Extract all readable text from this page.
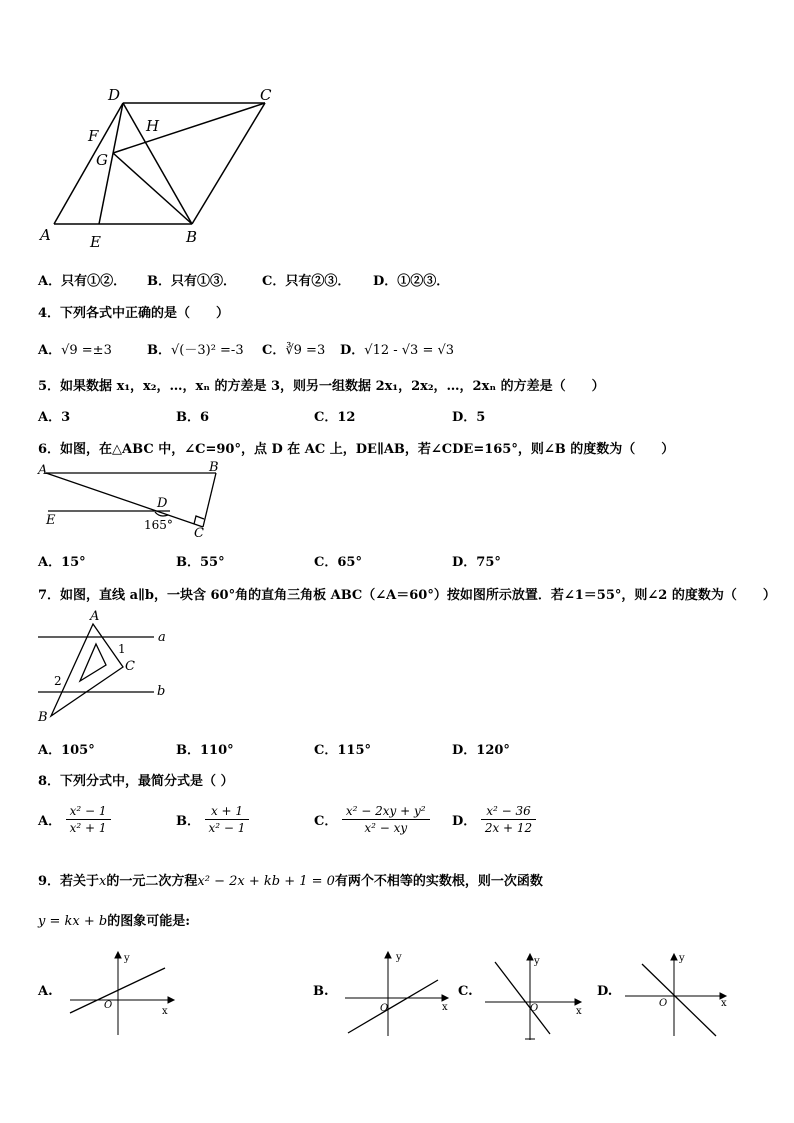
D	C
F
H
G
A	E	B
A．只有①②． B．只有①③． C．只有②③． D．①②③．
4．下列各式中正确的是（　　）
A．√9 =±3	B．√(－3)² =-3 C．∛9 =3 D．√12 - √3 = √3
5．如果数据 x₁，x₂，…，xₙ 的方差是 3，则另一组数据 2x₁，2x₂，…，2xₙ 的方差是（　　）
A．3	B．6	C．12	D．5
6．如图，在△ABC 中，∠C=90°，点 D 在 AC 上，DE∥AB，若∠CDE=165°，则∠B 的度数为（　　）
A	B
D
E	165°
C
A．15°	B．55°	C．65°	D．75°
7．如图，直线 a∥b，一块含 60°角的直角三角板 ABC（∠A＝60°）按如图所示放置．若∠1＝55°，则∠2 的度数为（　　）
A
a
1
C
2
b
B
A．105°	B．110°	C．115°	D．120°
8．下列分式中，最简分式是（ ）
A． $\frac{\text{x² − 1}}{\text{x² + 1}}$	B． $\frac{x + 1}{\text{x² − 1}}$	C． $\frac{\text{x² − 2xy + y²}}{\text{x² − xy}}$ D． $\frac{\text{x² − 36}}{2x + 12}$
9．若关于x的一元二次方程x² − 2x + kb + 1 = 0有两个不相等的实数根，则一次函数
y = kx + b的图象可能是:
A.
y
O
x
B.
y
O	x
C.
y
O	x
D.
y
O	x
